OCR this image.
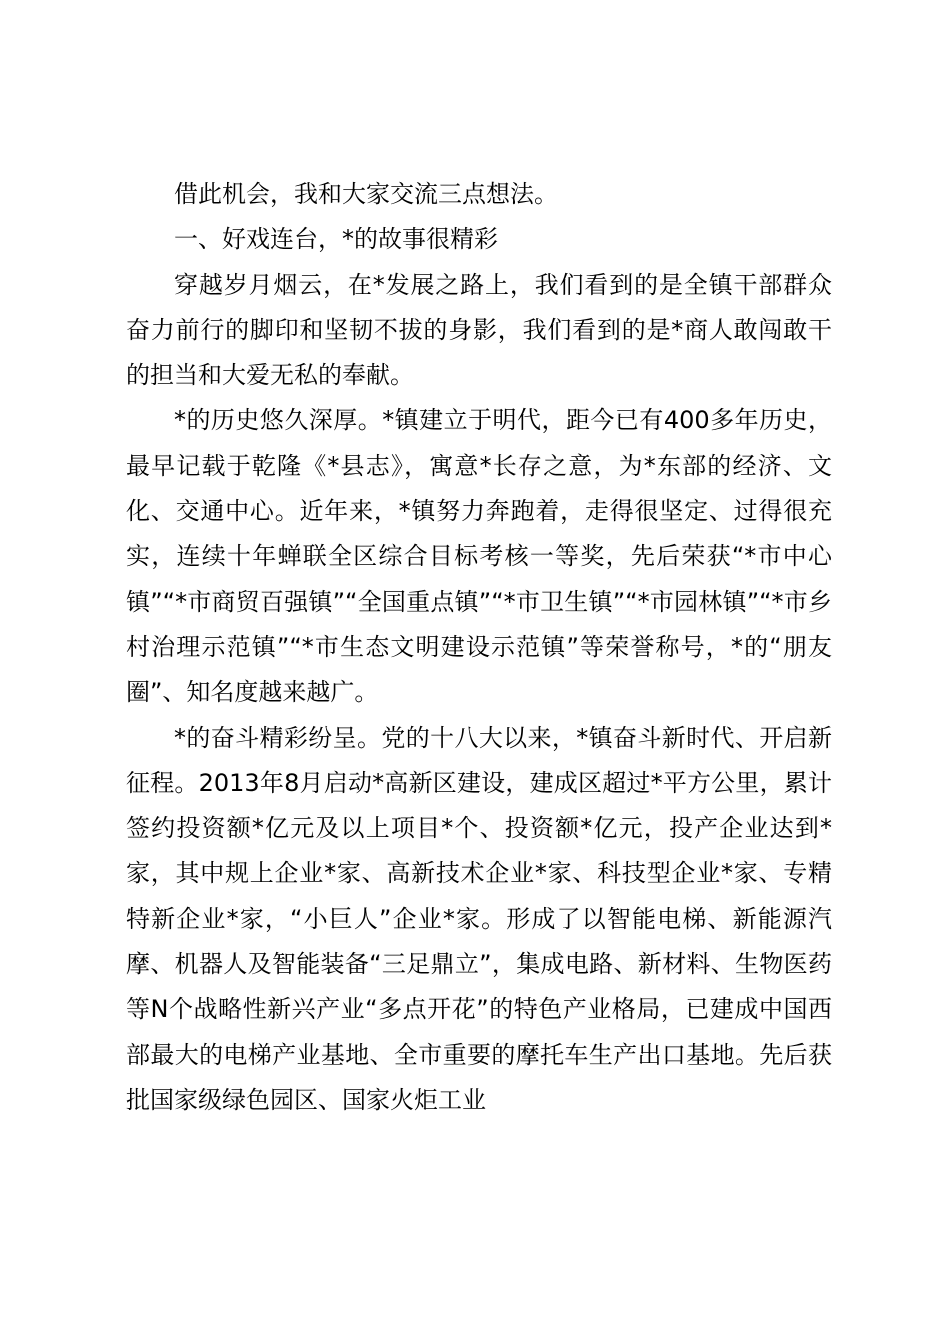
借此机会，我和大家交流三点想法。

一、好戏连台，*的故事很精彩

穿越岁月烟云，在*发展之路上，我们看到的是全镇干部群众奋力前行的脚印和坚韧不拔的身影，我们看到的是*商人敢闯敢干的担当和大爱无私的奉献。

*的历史悠久深厚。*镇建立于明代，距今已有400多年历史，最早记载于乾隆《*县志》，寓意*长存之意，为*东部的经济、文化、交通中心。近年来，*镇努力奔跑着，走得很坚定、过得很充实，连续十年蝉联全区综合目标考核一等奖，先后荣获“*市中心镇”“*市商贸百强镇”“全国重点镇”“*市卫生镇”“*市园林镇”“*市乡村治理示范镇”“*市生态文明建设示范镇”等荣誉称号，*的“朋友圈”、知名度越来越广。

*的奋斗精彩纷呈。党的十八大以来，*镇奋斗新时代、开启新征程。2013年8月启动*高新区建设，建成区超过*平方公里，累计签约投资额*亿元及以上项目*个、投资额*亿元，投产企业达到*家，其中规上企业*家、高新技术企业*家、科技型企业*家、专精特新企业*家，“小巨人”企业*家。形成了以智能电梯、新能源汽摩、机器人及智能装备“三足鼎立”，集成电路、新材料、生物医药等N个战略性新兴产业“多点开花”的特色产业格局，已建成中国西部最大的电梯产业基地、全市重要的摩托车生产出口基地。先后获批国家级绿色园区、国家火炬工业
